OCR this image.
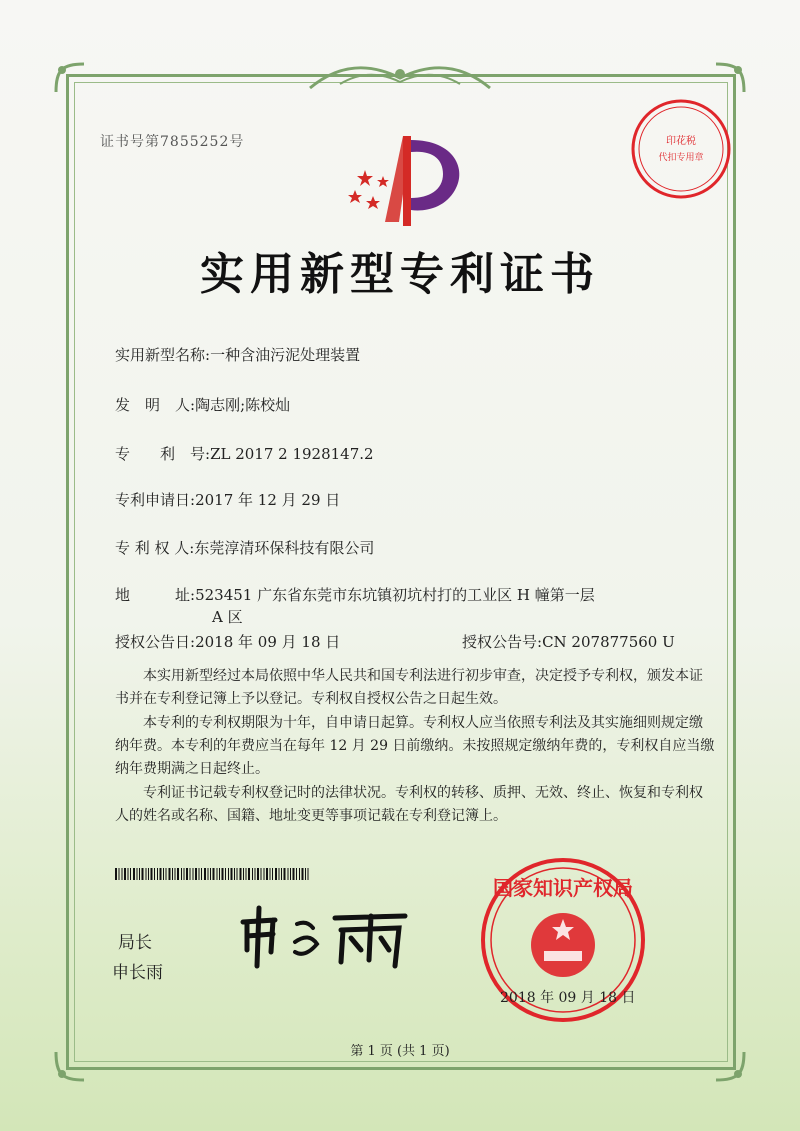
证书号第7855252号	印花税
代扣专用章
实用新型专利证书
实用新型名称:一种含油污泥处理装置
发　明　人:陶志刚;陈校灿
专　　利　号:ZL 2017 2 1928147.2
专利申请日:2017 年 12 月 29 日
专 利 权 人:东莞淳清环保科技有限公司
地　　　址:523451 广东省东莞市东坑镇初坑村打的工业区 H 幢第一层
A 区
授权公告日:2018 年 09 月 18 日	授权公告号:CN 207877560 U
本实用新型经过本局依照中华人民共和国专利法进行初步审查，决定授予专利权，颁发本证书并在专利登记簿上予以登记。专利权自授权公告之日起生效。
本专利的专利权期限为十年，自申请日起算。专利权人应当依照专利法及其实施细则规定缴纳年费。本专利的年费应当在每年 12 月 29 日前缴纳。未按照规定缴纳年费的，专利权自应当缴纳年费期满之日起终止。
专利证书记载专利权登记时的法律状况。专利权的转移、质押、无效、终止、恢复和专利权人的姓名或名称、国籍、地址变更等事项记载在专利登记簿上。
局长
申长雨
国家知识产权局
2018 年 09 月 18 日
第 1 页 (共 1 页)
